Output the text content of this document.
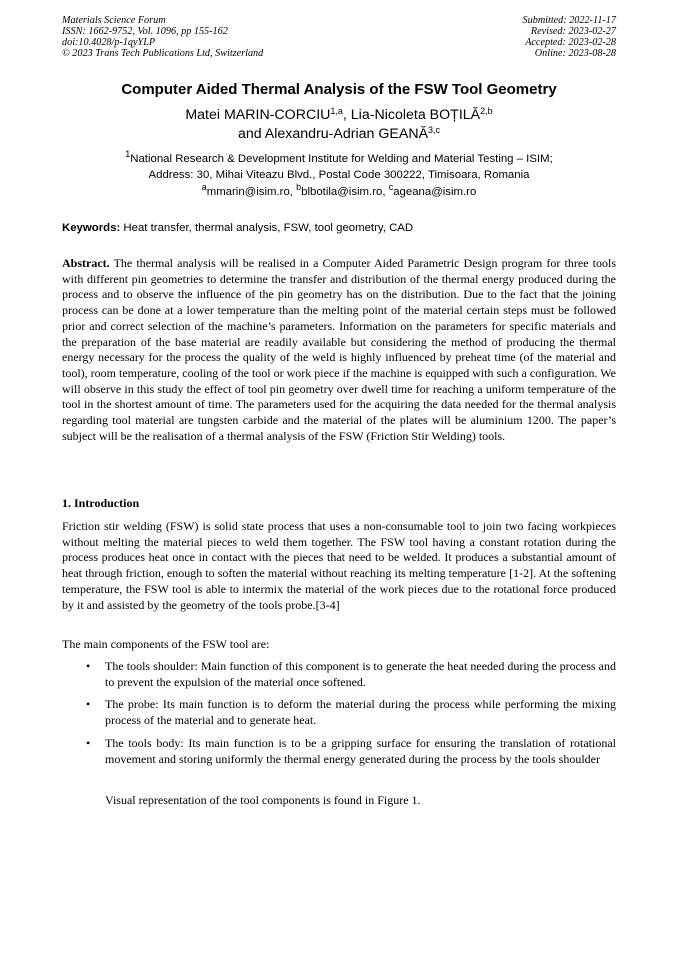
Materials Science Forum
ISSN: 1662-9752, Vol. 1096, pp 155-162
doi:10.4028/p-1qyYLP
© 2023 Trans Tech Publications Ltd, Switzerland
Submitted: 2022-11-17
Revised: 2023-02-27
Accepted: 2023-02-28
Online: 2023-08-28
Computer Aided Thermal Analysis of the FSW Tool Geometry
Matei MARIN-CORCIU$^{1,a}$, Lia-Nicoleta BOȚILĂ$^{2,b}$
and Alexandru-Adrian GEANĂ$^{3,c}$
$^1$National Research & Development Institute for Welding and Material Testing – ISIM;
Address: 30, Mihai Viteazu Blvd., Postal Code 300222, Timisoara, Romania
$^a$mmarin@isim.ro, $^b$blbotila@isim.ro, $^c$ageana@isim.ro
Keywords: Heat transfer, thermal analysis, FSW, tool geometry, CAD

Abstract. The thermal analysis will be realised in a Computer Aided Parametric Design program for three tools with different pin geometries to determine the transfer and distribution of the thermal energy produced during the process and to observe the influence of the pin geometry has on the distribution. Due to the fact that the joining process can be done at a lower temperature than the melting point of the material certain steps must be followed prior and correct selection of the machine’s parameters. Information on the parameters for specific materials and the preparation of the base material are readily available but considering the method of producing the thermal energy necessary for the process the quality of the weld is highly influenced by preheat time (of the material and tool), room temperature, cooling of the tool or work piece if the machine is equipped with such a configuration. We will observe in this study the effect of tool pin geometry over dwell time for reaching a uniform temperature of the tool in the shortest amount of time. The parameters used for the acquiring the data needed for the thermal analysis regarding tool material are tungsten carbide and the material of the plates will be aluminium 1200. The paper’s subject will be the realisation of a thermal analysis of the FSW (Friction Stir Welding) tools.

1. Introduction

Friction stir welding (FSW) is solid state process that uses a non-consumable tool to join two facing workpieces without melting the material pieces to weld them together. The FSW tool having a constant rotation during the process produces heat once in contact with the pieces that need to be welded. It produces a substantial amount of heat through friction, enough to soften the material without reaching its melting temperature [1-2]. At the softening temperature, the FSW tool is able to intermix the material of the work pieces due to the rotational force produced by it and assisted by the geometry of the tools probe.[3-4]

The main components of the FSW tool are:

• The tools shoulder: Main function of this component is to generate the heat needed during the process and to prevent the expulsion of the material once softened.
• The probe: Its main function is to deform the material during the process while performing the mixing process of the material and to generate heat.
• The tools body: Its main function is to be a gripping surface for ensuring the translation of rotational movement and storing uniformly the thermal energy generated during the process by the tools shoulder
Visual representation of the tool components is found in Figure 1.
